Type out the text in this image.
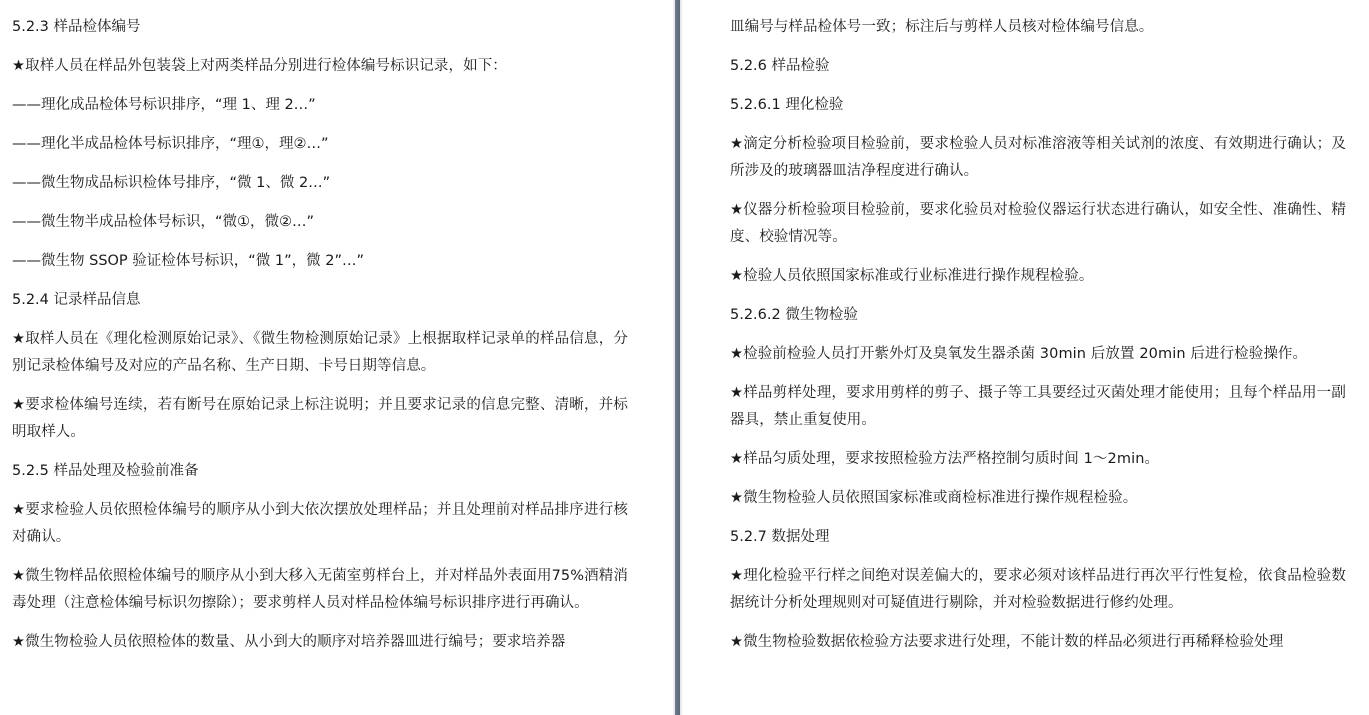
5.2.3 样品检体编号

★取样人员在样品外包装袋上对两类样品分别进行检体编号标识记录，如下：

——理化成品检体号标识排序，“理 1、理 2…”

——理化半成品检体号标识排序，“理①，理②…”

——微生物成品标识检体号排序，“微 1、微 2…”

——微生物半成品检体号标识，“微①，微②…”

——微生物 SSOP 验证检体号标识，“微 1”，微 2”…”

5.2.4 记录样品信息

★取样人员在《理化检测原始记录》、《微生物检测原始记录》上根据取样记录单的样品信息，分别记录检体编号及对应的产品名称、生产日期、卡号日期等信息。

★要求检体编号连续，若有断号在原始记录上标注说明；并且要求记录的信息完整、清晰，并标明取样人。

5.2.5 样品处理及检验前准备

★要求检验人员依照检体编号的顺序从小到大依次摆放处理样品；并且处理前对样品排序进行核对确认。

★微生物样品依照检体编号的顺序从小到大移入无菌室剪样台上，并对样品外表面用75%酒精消毒处理（注意检体编号标识勿擦除）；要求剪样人员对样品检体编号标识排序进行再确认。

★微生物检验人员依照检体的数量、从小到大的顺序对培养器皿进行编号；要求培养器

皿编号与样品检体号一致；标注后与剪样人员核对检体编号信息。

5.2.6 样品检验

5.2.6.1 理化检验

★滴定分析检验项目检验前，要求检验人员对标准溶液等相关试剂的浓度、有效期进行确认；及所涉及的玻璃器皿洁净程度进行确认。

★仪器分析检验项目检验前，要求化验员对检验仪器运行状态进行确认，如安全性、准确性、精度、校验情况等。

★检验人员依照国家标准或行业标准进行操作规程检验。

5.2.6.2 微生物检验

★检验前检验人员打开紫外灯及臭氧发生器杀菌 30min 后放置 20min 后进行检验操作。

★样品剪样处理，要求用剪样的剪子、摄子等工具要经过灭菌处理才能使用；且每个样品用一副器具，禁止重复使用。

★样品匀质处理，要求按照检验方法严格控制匀质时间 1～2min。

★微生物检验人员依照国家标准或商检标准进行操作规程检验。

5.2.7 数据处理

★理化检验平行样之间绝对误差偏大的，要求必须对该样品进行再次平行性复检，依食品检验数据统计分析处理规则对可疑值进行剔除，并对检验数据进行修约处理。

★微生物检验数据依检验方法要求进行处理，不能计数的样品必须进行再稀释检验处理
